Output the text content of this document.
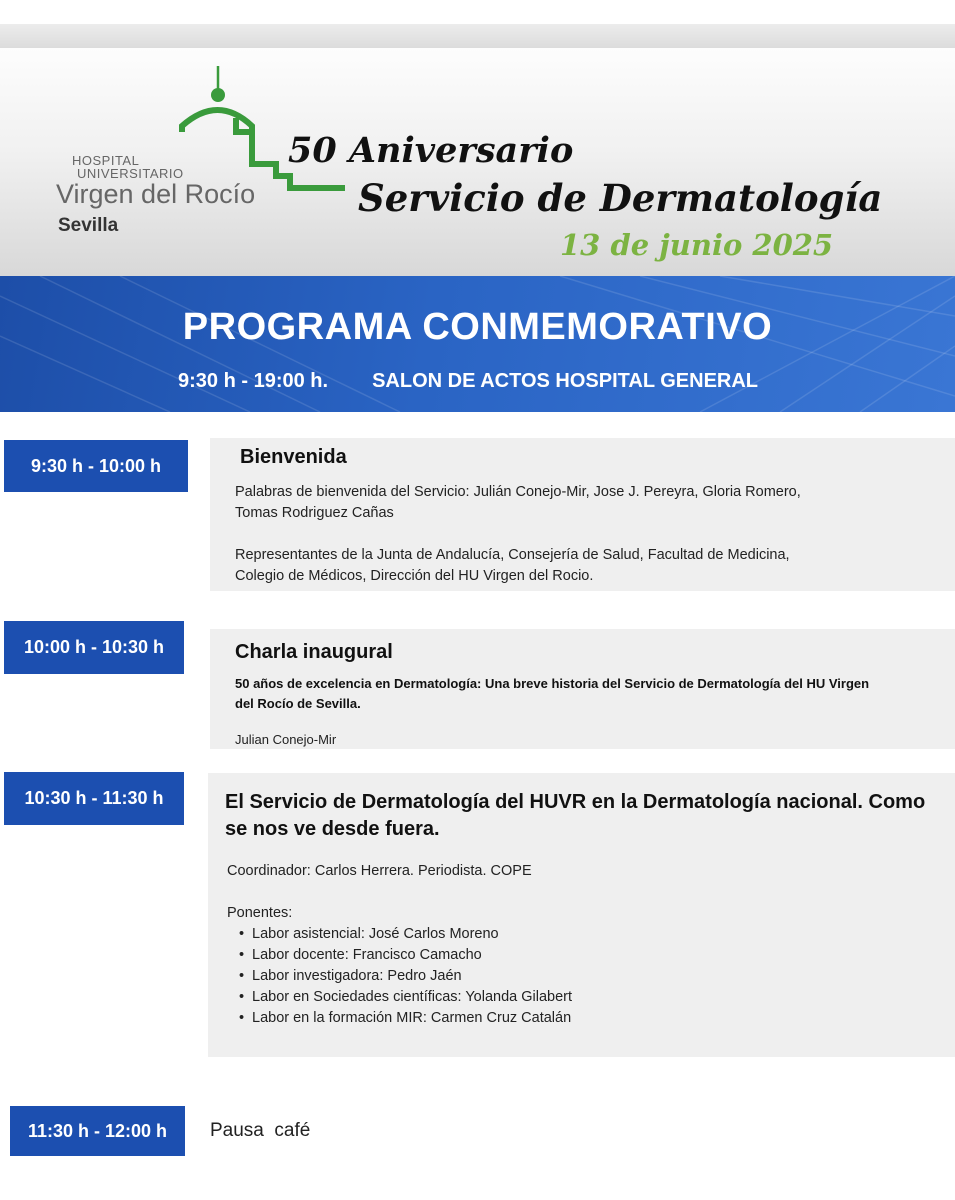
HOSPITAL
UNIVERSITARIO
Virgen del Rocío
Sevilla
50 Aniversario
Servicio de Dermatología
13 de junio 2025
PROGRAMA CONMEMORATIVO
9:30 h - 19:00 h. SALON DE ACTOS HOSPITAL GENERAL
9:30 h - 10:00 h	Bienvenida
Palabras de bienvenida del Servicio: Julián Conejo-Mir, Jose J. Pereyra, Gloria Romero, Tomas Rodriguez Cañas
Representantes de la Junta de Andalucía, Consejería de Salud, Facultad de Medicina, Colegio de Médicos, Dirección del HU Virgen del Rocio.
10:00 h - 10:30 h	Charla inaugural
50 años de excelencia en Dermatología: Una breve historia del Servicio de Dermatología del HU Virgen del Rocío de Sevilla.
Julian Conejo-Mir
10:30 h - 11:30 h	El Servicio de Dermatología del HUVR en la Dermatología nacional. Como se nos ve desde fuera.
Coordinador: Carlos Herrera. Periodista. COPE
Ponentes:
• Labor asistencial: José Carlos Moreno
• Labor docente: Francisco Camacho
• Labor investigadora: Pedro Jaén
• Labor en Sociedades científicas: Yolanda Gilabert
• Labor en la formación MIR: Carmen Cruz Catalán
11:30 h - 12:00 h	Pausa  café
